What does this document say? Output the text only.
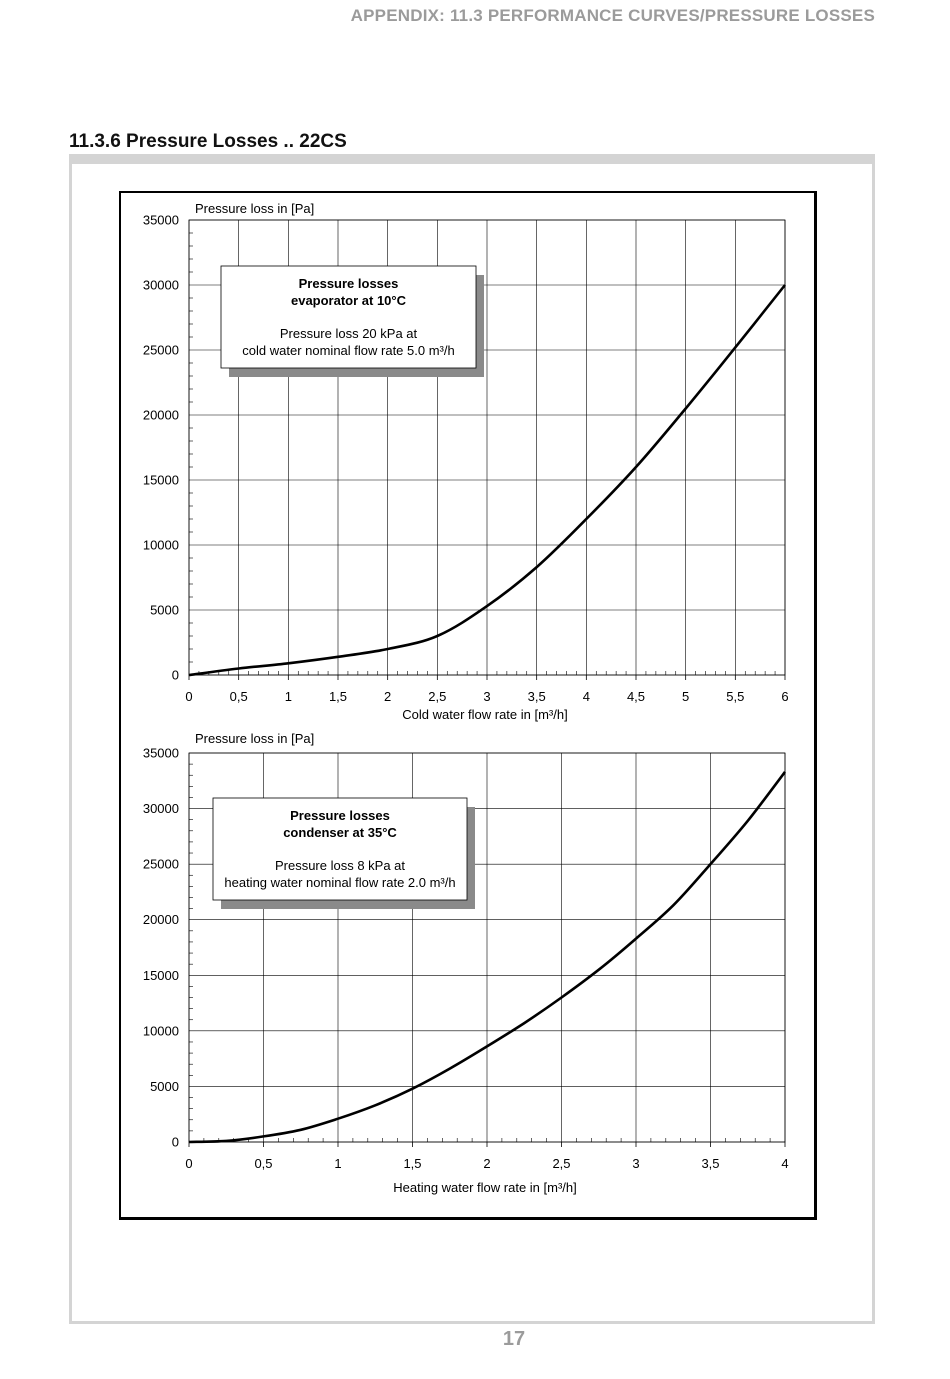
APPENDIX: 11.3 PERFORMANCE CURVES/PRESSURE LOSSES
11.3.6 Pressure Losses .. 22CS
0	0,5	1	1,5	2	2,5	3	3,5	4	4,5	5	5,5	6
0
5000
10000
15000
20000
25000
30000
35000
Pressure loss in [Pa]
Cold water flow rate in [m³/h]
Pressure losses
evaporator at 10°C
Pressure loss 20 kPa at
cold water nominal flow rate 5.0 m³/h
0	0,5	1	1,5	2	2,5	3	3,5	4
0
5000
10000
15000
20000
25000
30000
35000
Pressure loss in [Pa]
Heating water flow rate in [m³/h]
Pressure losses
condenser at 35°C
Pressure loss 8 kPa at
heating water nominal flow rate 2.0 m³/h
17
